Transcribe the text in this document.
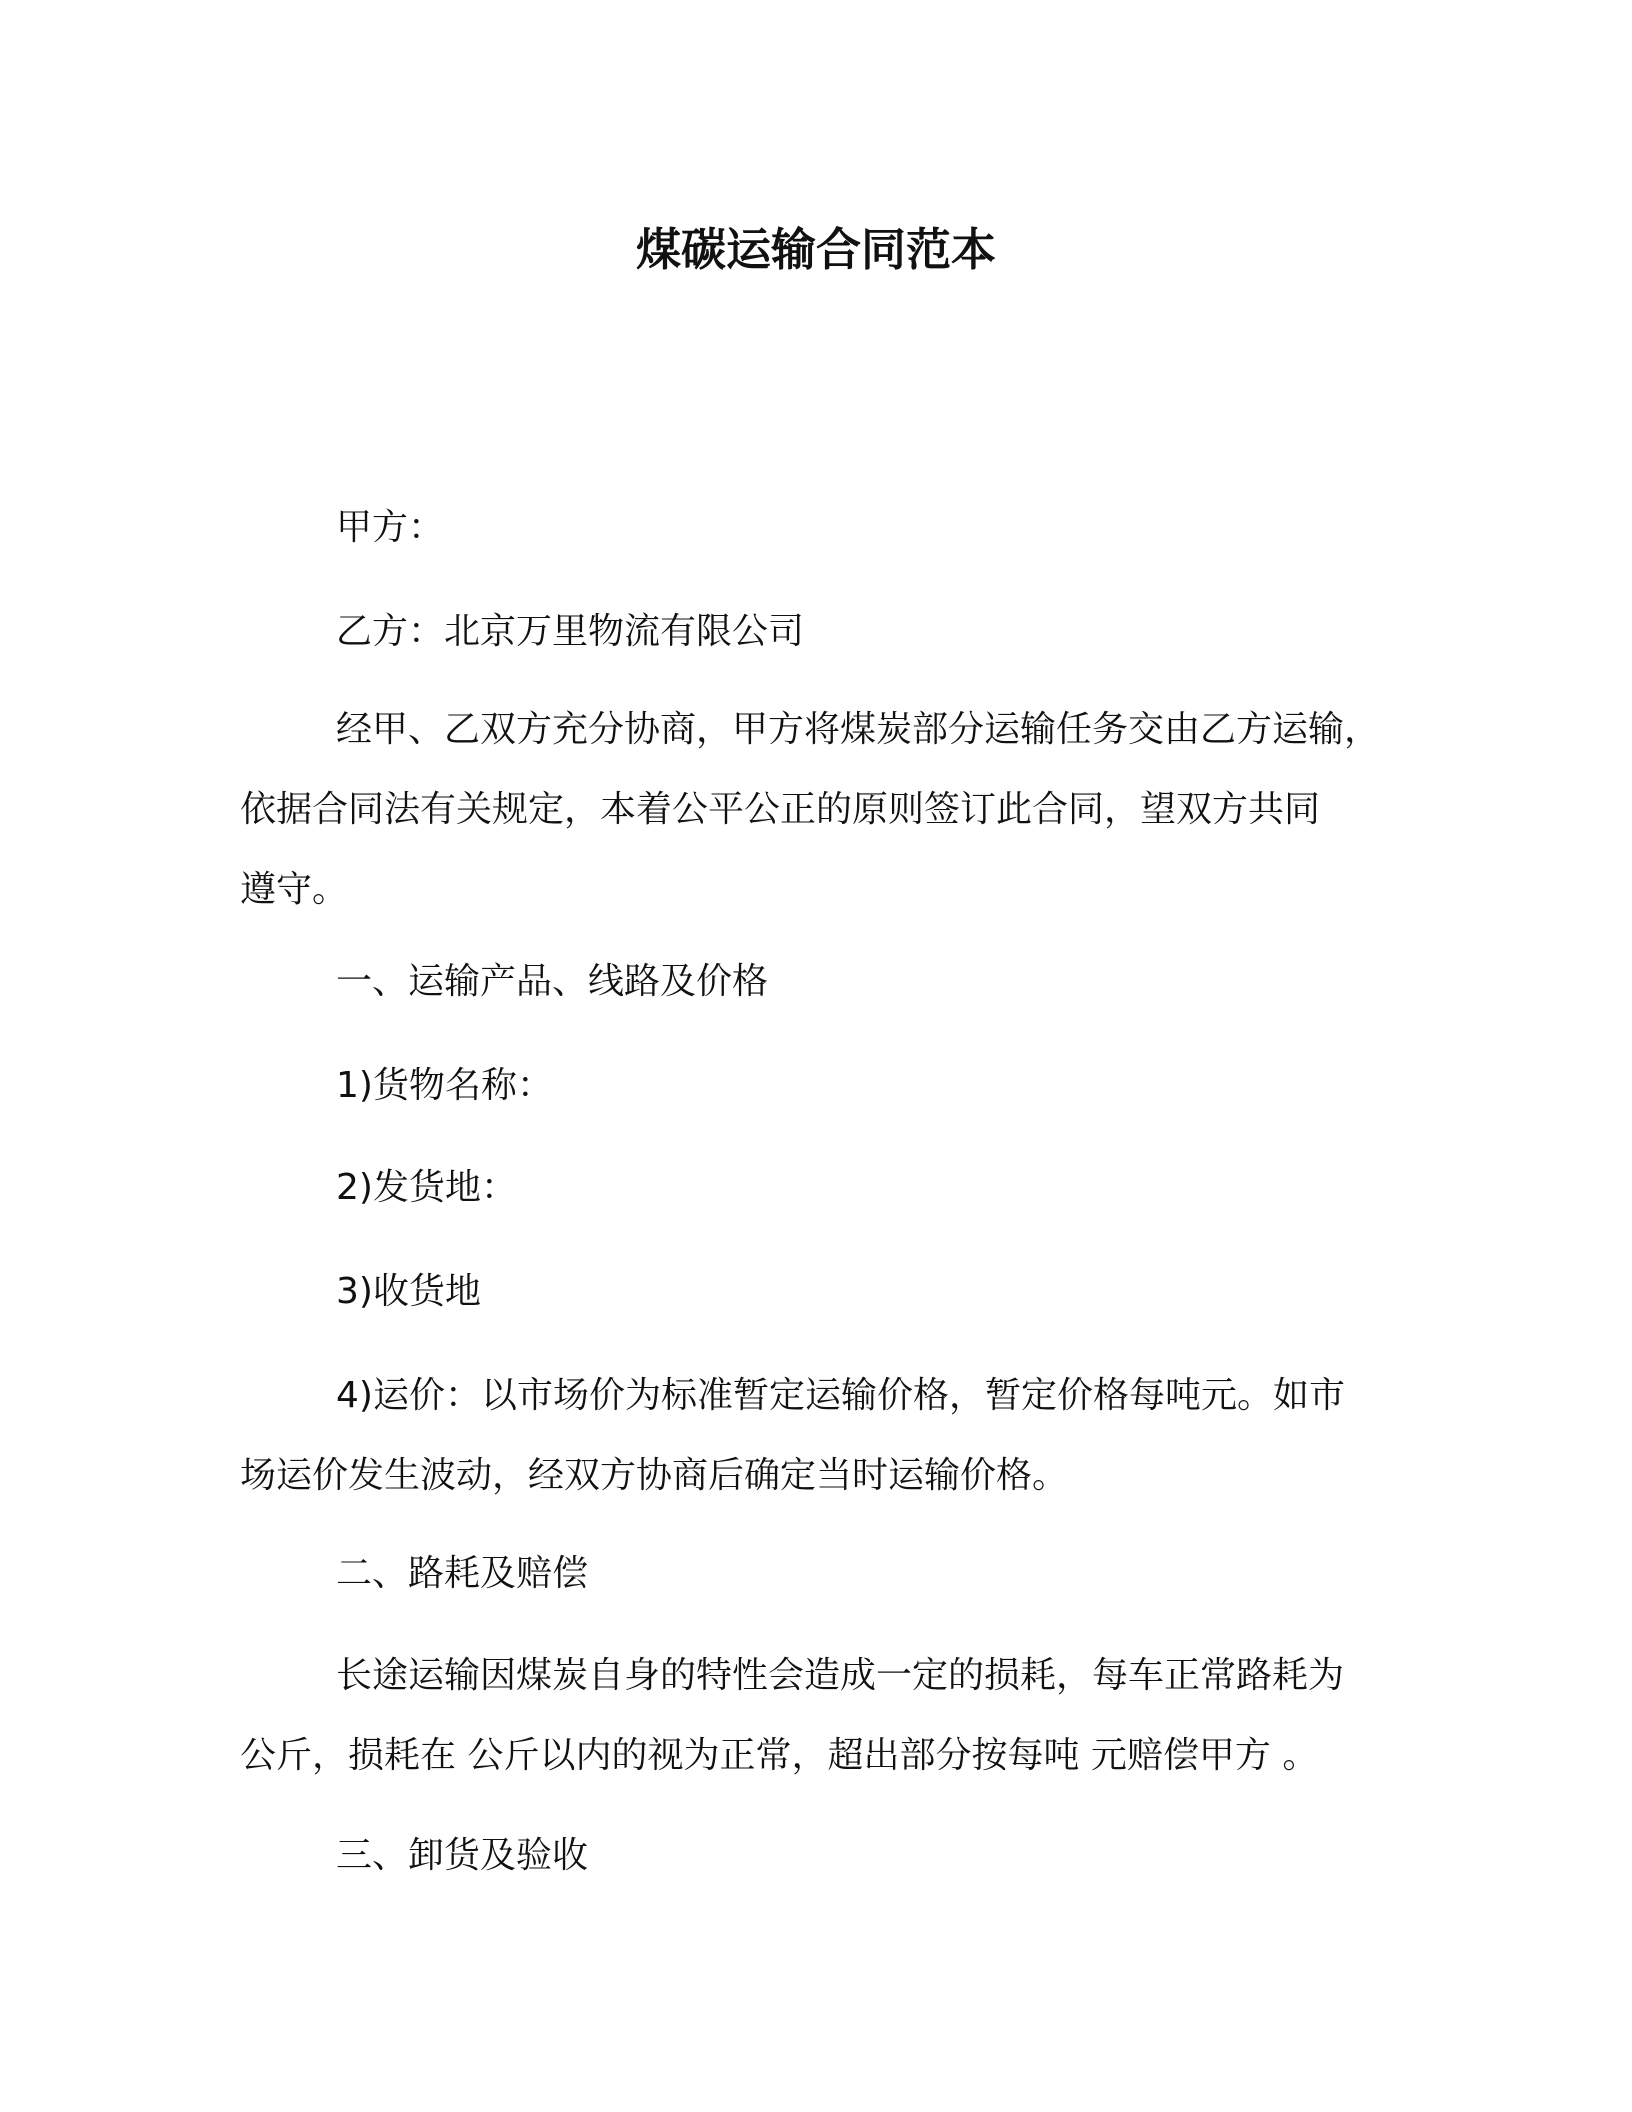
煤碳运输合同范本

甲方：

乙方：北京万里物流有限公司

经甲、乙双方充分协商，甲方将煤炭部分运输任务交由乙方运输，
依据合同法有关规定，本着公平公正的原则签订此合同，望双方共同
遵守。

一、运输产品、线路及价格

1)货物名称：

2)发货地：

3)收货地

4)运价：以市场价为标准暂定运输价格，暂定价格每吨元。如市
场运价发生波动，经双方协商后确定当时运输价格。

二、路耗及赔偿

长途运输因煤炭自身的特性会造成一定的损耗，每车正常路耗为
公斤，损耗在 公斤以内的视为正常，超出部分按每吨 元赔偿甲方 。

三、卸货及验收
